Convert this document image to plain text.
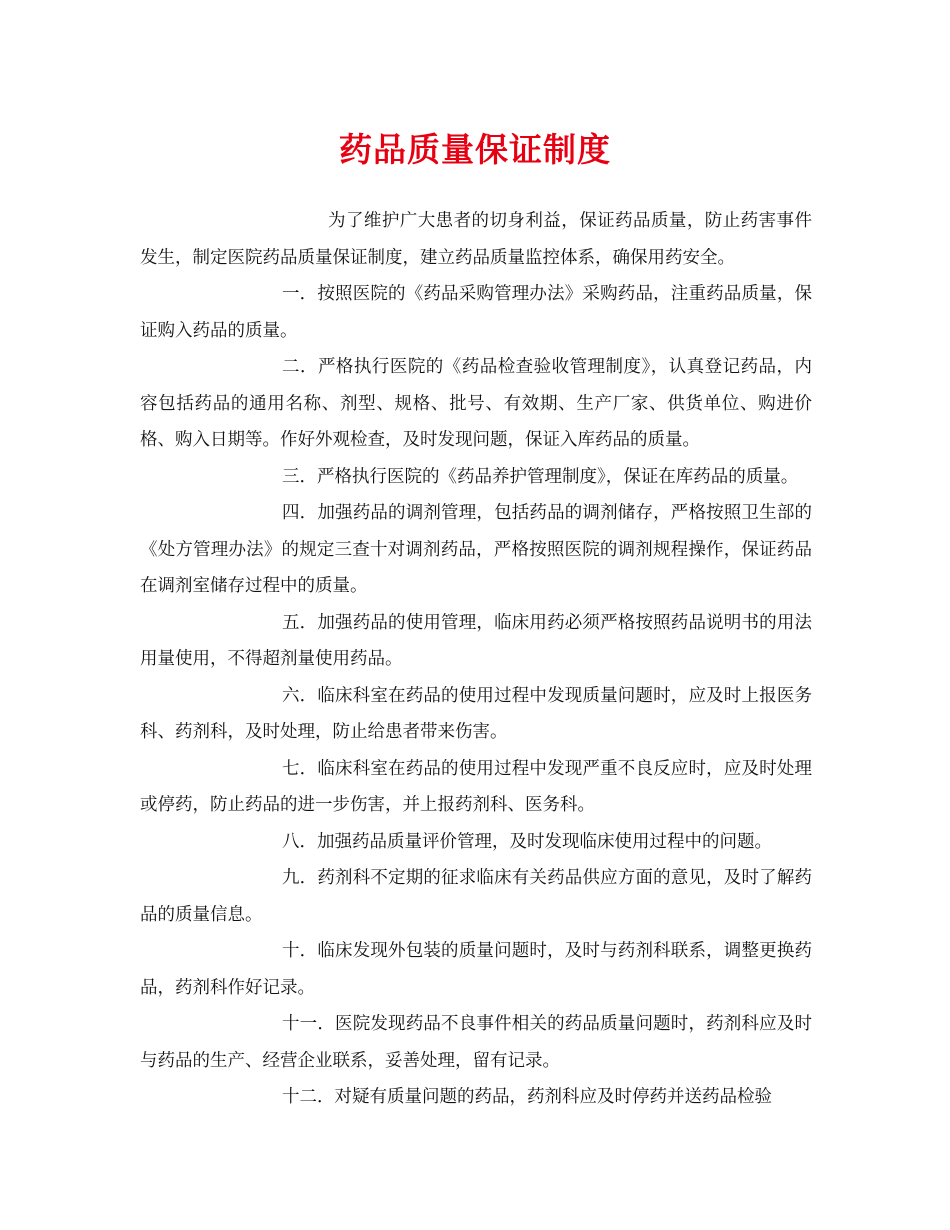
药品质量保证制度

为了维护广大患者的切身利益，保证药品质量，防止药害事件发生，制定医院药品质量保证制度，建立药品质量监控体系，确保用药安全。

一．按照医院的《药品采购管理办法》采购药品，注重药品质量，保证购入药品的质量。

二．严格执行医院的《药品检查验收管理制度》，认真登记药品，内容包括药品的通用名称、剂型、规格、批号、有效期、生产厂家、供货单位、购进价格、购入日期等。作好外观检查，及时发现问题，保证入库药品的质量。

三．严格执行医院的《药品养护管理制度》，保证在库药品的质量。

四．加强药品的调剂管理，包括药品的调剂储存，严格按照卫生部的《处方管理办法》的规定三查十对调剂药品，严格按照医院的调剂规程操作，保证药品在调剂室储存过程中的质量。

五．加强药品的使用管理，临床用药必须严格按照药品说明书的用法用量使用，不得超剂量使用药品。

六．临床科室在药品的使用过程中发现质量问题时，应及时上报医务科、药剂科，及时处理，防止给患者带来伤害。

七．临床科室在药品的使用过程中发现严重不良反应时，应及时处理或停药，防止药品的进一步伤害，并上报药剂科、医务科。

八．加强药品质量评价管理，及时发现临床使用过程中的问题。

九．药剂科不定期的征求临床有关药品供应方面的意见，及时了解药品的质量信息。

十．临床发现外包装的质量问题时，及时与药剂科联系，调整更换药品，药剂科作好记录。

十一．医院发现药品不良事件相关的药品质量问题时，药剂科应及时与药品的生产、经营企业联系，妥善处理，留有记录。

十二．对疑有质量问题的药品，药剂科应及时停药并送药品检验
